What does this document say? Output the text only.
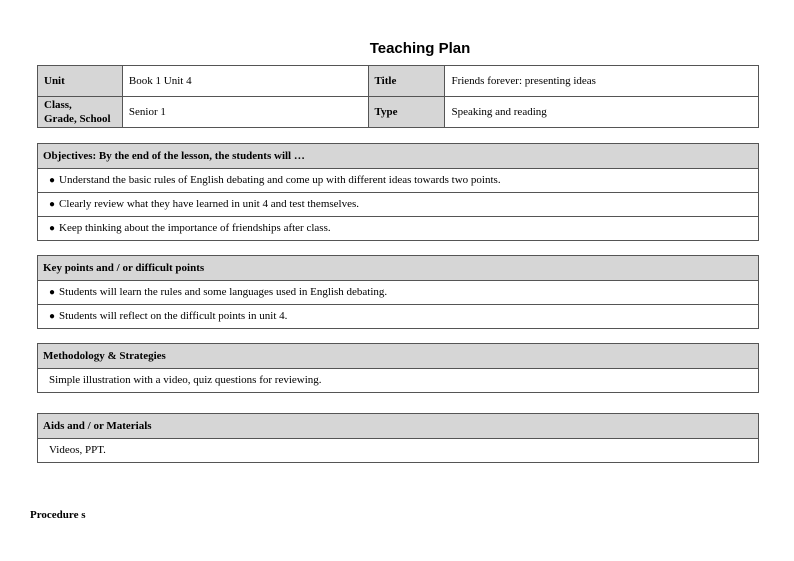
Teaching Plan
Unit	Book 1 Unit 4	Title	Friends forever: presenting ideas

Class,
Grade, School	Senior 1	Type	Speaking and reading
Objectives: By the end of the lesson, the students will …
● Understand the basic rules of English debating and come up with different ideas towards two points.
● Clearly review what they have learned in unit 4 and test themselves.
● Keep thinking about the importance of friendships after class.
Key points and / or difficult points
● Students will learn the rules and some languages used in English debating.
● Students will reflect on the difficult points in unit 4.
Methodology & Strategies
Simple illustration with a video, quiz questions for reviewing.
Aids and / or Materials
Videos, PPT.
Procedure s
